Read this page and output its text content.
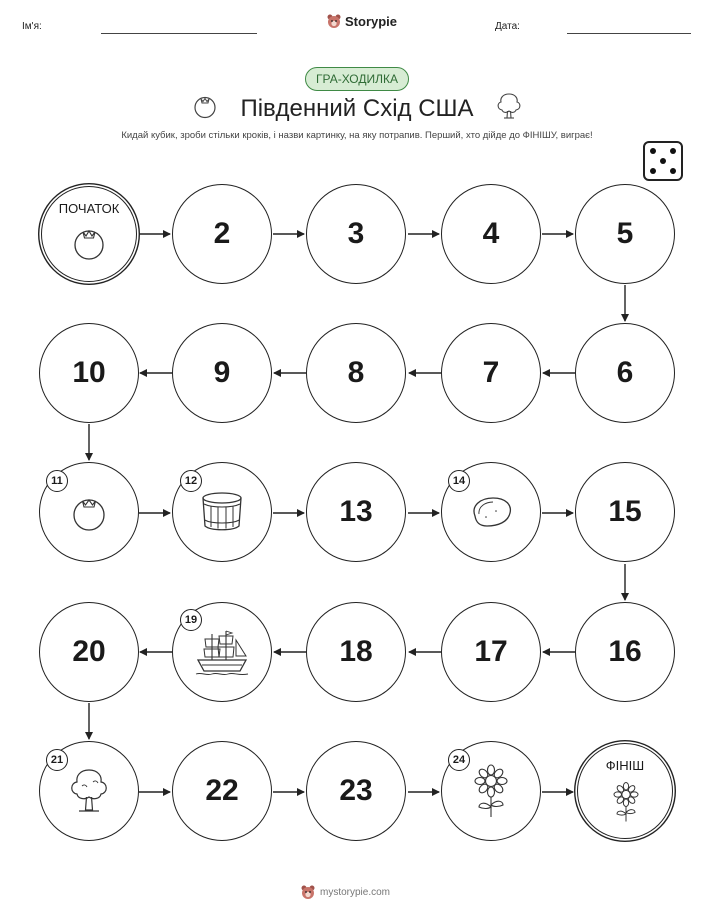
Ім'я:	Storypie	Дата:
ГРА-ХОДИЛКА
Південний Схід США
Кидай кубик, зроби стільки кроків, і назви картинку, на яку потрапив. Перший, хто дійде до ФІНІШУ, виграє!
ПОЧАТОК
2	3	4	5
6
7
8
9
10
11	12
13
14
15
16
17
18
19
20
21
22	23
24	ФІНІШ
mystorypie.com
